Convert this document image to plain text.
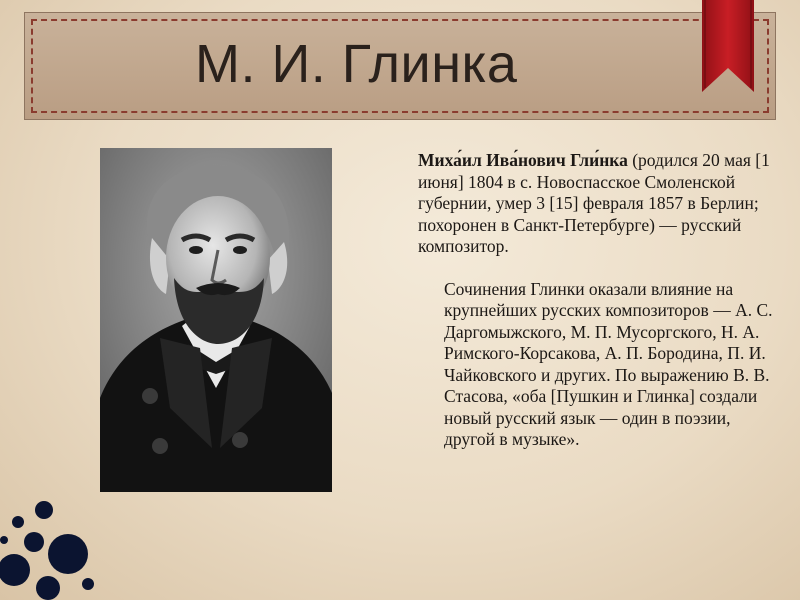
М. И. Глинка
Миха́ил Ива́нович Гли́нка (родился 20 мая [1 июня] 1804 в с. Новоспасское Смоленской губернии, умер 3 [15] февраля 1857 в Берлин; похоронен в Санкт-Петербурге) — русский композитор.
Сочинения Глинки оказали влияние на крупнейших русских композиторов — А. С. Даргомыжского, М. П. Мусоргского, Н. А. Римского-Корсакова, А. П. Бородина, П. И. Чайковского и других. По выражению В. В. Стасова, «оба [Пушкин и Глинка] создали новый русский язык — один в поэзии, другой в музыке».
